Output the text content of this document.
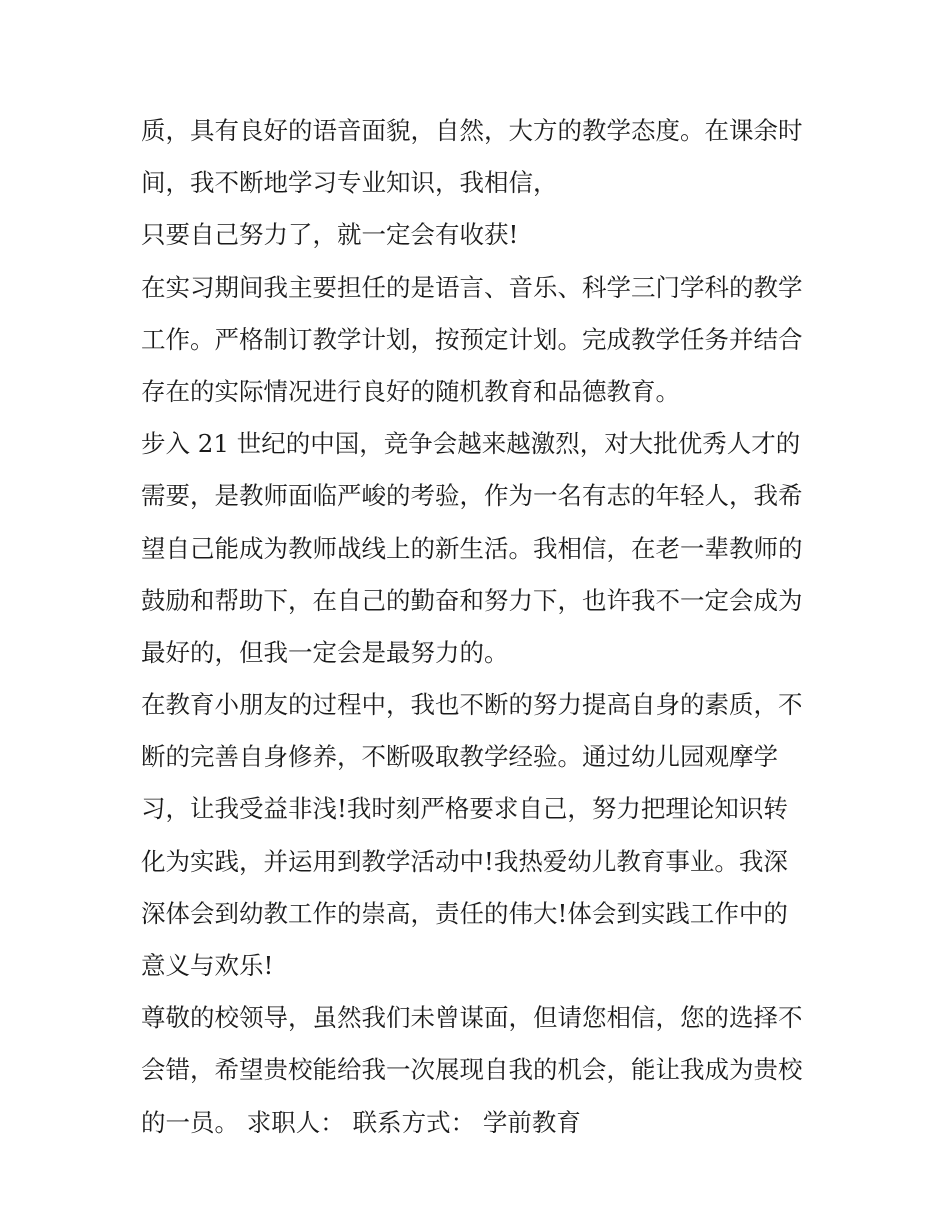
质，具有良好的语音面貌，自然，大方的教学态度。在课余时
间，我不断地学习专业知识，我相信，
只要自己努力了，就一定会有收获!
在实习期间我主要担任的是语言、音乐、科学三门学科的教学
工作。严格制订教学计划，按预定计划。完成教学任务并结合
存在的实际情况进行良好的随机教育和品德教育。
步入 21 世纪的中国，竞争会越来越激烈，对大批优秀人才的
需要，是教师面临严峻的考验，作为一名有志的年轻人，我希
望自己能成为教师战线上的新生活。我相信，在老一辈教师的
鼓励和帮助下，在自己的勤奋和努力下，也许我不一定会成为
最好的，但我一定会是最努力的。
在教育小朋友的过程中，我也不断的努力提高自身的素质，不
断的完善自身修养，不断吸取教学经验。通过幼儿园观摩学
习，让我受益非浅!我时刻严格要求自己，努力把理论知识转
化为实践，并运用到教学活动中!我热爱幼儿教育事业。我深
深体会到幼教工作的崇高，责任的伟大!体会到实践工作中的
意义与欢乐!
尊敬的校领导，虽然我们未曾谋面，但请您相信，您的选择不
会错，希望贵校能给我一次展现自我的机会，能让我成为贵校
的一员。 求职人： 联系方式： 学前教育
